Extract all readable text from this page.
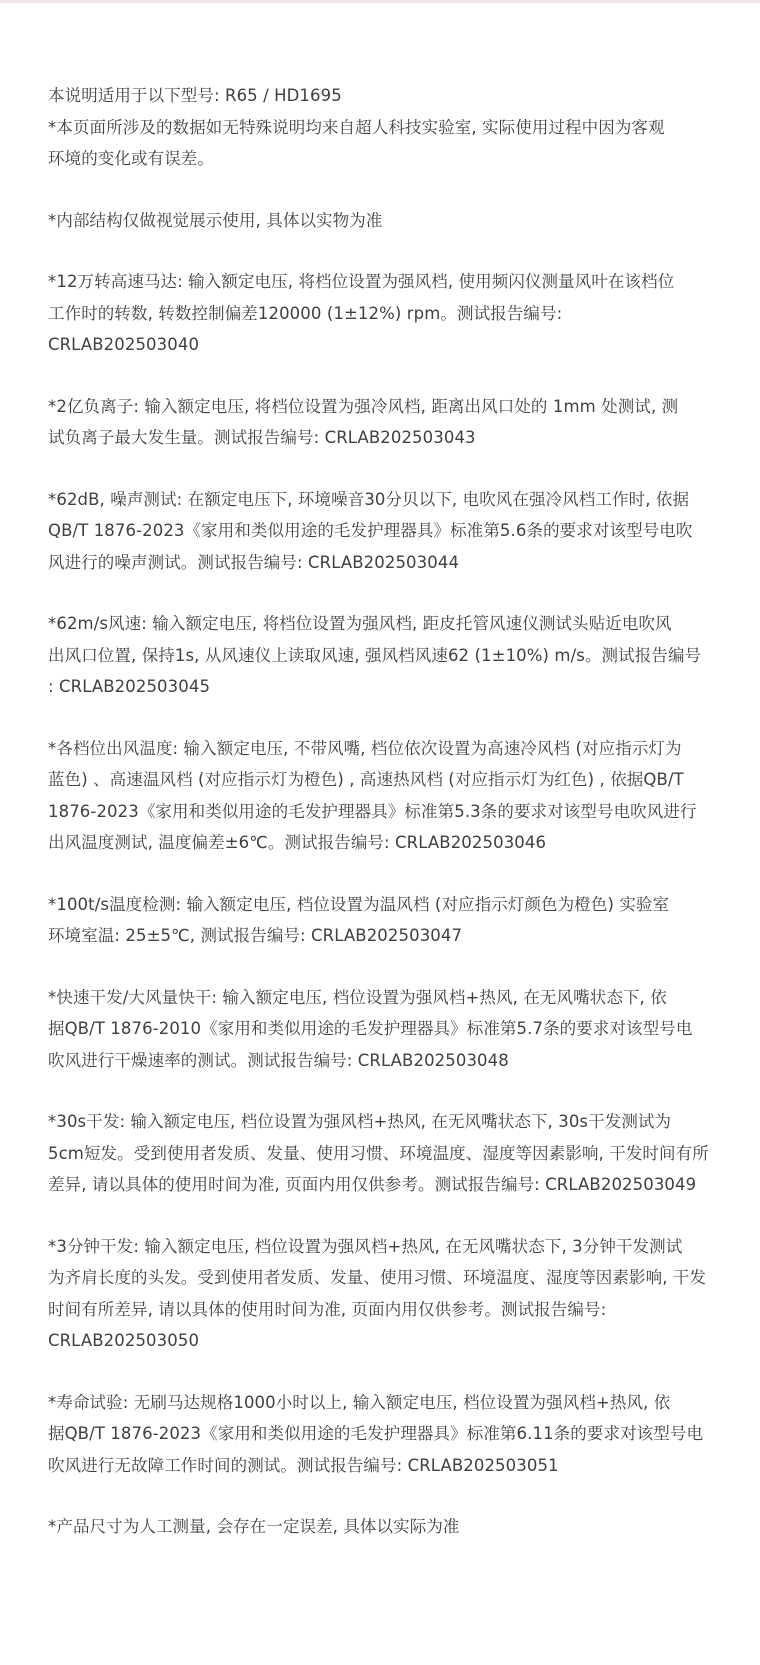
本说明适用于以下型号: R65 / HD1695
*本页面所涉及的数据如无特殊说明均来自超人科技实验室, 实际使用过程中因为客观
环境的变化或有误差。

*内部结构仅做视觉展示使用, 具体以实物为准

*12万转高速马达: 输入额定电压, 将档位设置为强风档, 使用频闪仪测量风叶在该档位
工作时的转数, 转数控制偏差120000 (1±12%) rpm。测试报告编号:
CRLAB202503040

*2亿负离子: 输入额定电压, 将档位设置为强冷风档, 距离出风口处的 1mm 处测试, 测
试负离子最大发生量。测试报告编号: CRLAB202503043

*62dB, 噪声测试: 在额定电压下, 环境噪音30分贝以下, 电吹风在强冷风档工作时, 依据
QB/T 1876-2023《家用和类似用途的毛发护理器具》标准第5.6条的要求对该型号电吹
风进行的噪声测试。测试报告编号: CRLAB202503044

*62m/s风速: 输入额定电压, 将档位设置为强风档, 距皮托管风速仪测试头贴近电吹风
出风口位置, 保持1s, 从风速仪上读取风速, 强风档风速62 (1±10%) m/s。测试报告编号
: CRLAB202503045

*各档位出风温度: 输入额定电压, 不带风嘴, 档位依次设置为高速冷风档 (对应指示灯为
蓝色) 、高速温风档 (对应指示灯为橙色) , 高速热风档 (对应指示灯为红色) , 依据QB/T
1876-2023《家用和类似用途的毛发护理器具》标准第5.3条的要求对该型号电吹风进行
出风温度测试, 温度偏差±6℃。测试报告编号: CRLAB202503046

*100t/s温度检测: 输入额定电压, 档位设置为温风档 (对应指示灯颜色为橙色) 实验室
环境室温: 25±5℃, 测试报告编号: CRLAB202503047

*快速干发/大风量快干: 输入额定电压, 档位设置为强风档+热风, 在无风嘴状态下, 依
据QB/T 1876-2010《家用和类似用途的毛发护理器具》标准第5.7条的要求对该型号电
吹风进行干燥速率的测试。测试报告编号: CRLAB202503048

*30s干发: 输入额定电压, 档位设置为强风档+热风, 在无风嘴状态下, 30s干发测试为
5cm短发。受到使用者发质、发量、使用习惯、环境温度、湿度等因素影响, 干发时间有所
差异, 请以具体的使用时间为准, 页面内用仅供参考。测试报告编号: CRLAB202503049

*3分钟干发: 输入额定电压, 档位设置为强风档+热风, 在无风嘴状态下, 3分钟干发测试
为齐肩长度的头发。受到使用者发质、发量、使用习惯、环境温度、湿度等因素影响, 干发
时间有所差异, 请以具体的使用时间为准, 页面内用仅供参考。测试报告编号:
CRLAB202503050

*寿命试验: 无刷马达规格1000小时以上, 输入额定电压, 档位设置为强风档+热风, 依
据QB/T 1876-2023《家用和类似用途的毛发护理器具》标准第6.11条的要求对该型号电
吹风进行无故障工作时间的测试。测试报告编号: CRLAB202503051

*产品尺寸为人工测量, 会存在一定误差, 具体以实际为准
